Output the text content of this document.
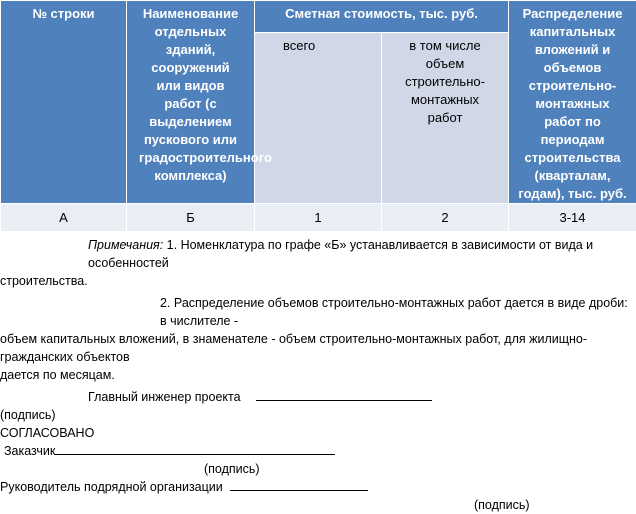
№ строки	Наименование отдельных зданий, сооружений или видов работ (с выделением пускового или градостроительного комплекса)	Сметная стоимость, тыс. руб.		Распределение капитальных вложений и объемов строительно-монтажных работ по периодам строительства (кварталам, годам), тыс. руб.
		всего	в том числе объем строительно-монтажных работ	
А	Б	1	2	3-14

Примечания: 1. Номенклатура по графе «Б» устанавливается в зависимости от вида и особенностей

строительства.

2. Распределение объемов строительно-монтажных работ дается в виде дроби: в числителе -

объем капитальных вложений, в знаменателе - объем строительно-монтажных работ, для жилищно-гражданских объектов

дается по месяцам.

Главный инженер проекта

(подпись)

СОГЛАСОВАНО

Заказчик

(подпись)

Руководитель подрядной организации

(подпись)
